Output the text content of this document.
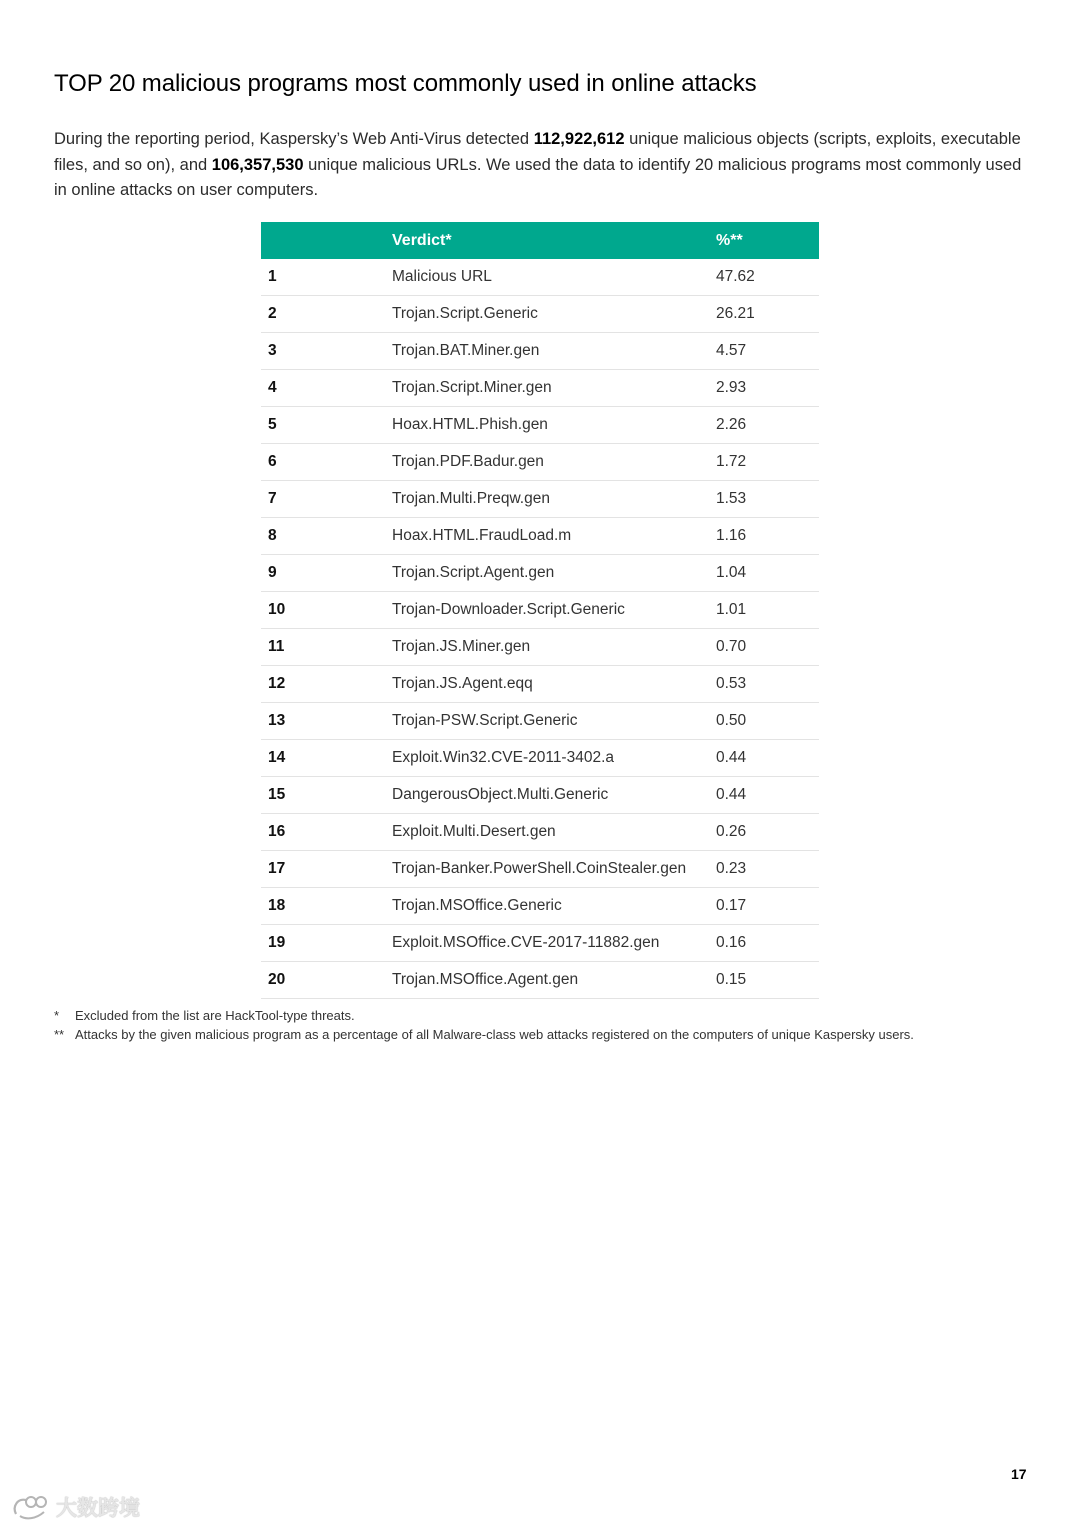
TOP 20 malicious programs most commonly used in online attacks

During the reporting period, Kaspersky’s Web Anti-Virus detected 112,922,612 unique malicious objects (scripts, exploits, executable files, and so on), and 106,357,530 unique malicious URLs. We used the data to identify 20 malicious programs most commonly used in online attacks on user computers.

	Verdict*	%**
1	Malicious URL	47.62
2	Trojan.Script.Generic	26.21
3	Trojan.BAT.Miner.gen	4.57
4	Trojan.Script.Miner.gen	2.93
5	Hoax.HTML.Phish.gen	2.26
6	Trojan.PDF.Badur.gen	1.72
7	Trojan.Multi.Preqw.gen	1.53
8	Hoax.HTML.FraudLoad.m	1.16
9	Trojan.Script.Agent.gen	1.04
10	Trojan-Downloader.Script.Generic	1.01
11	Trojan.JS.Miner.gen	0.70
12	Trojan.JS.Agent.eqq	0.53
13	Trojan-PSW.Script.Generic	0.50
14	Exploit.Win32.CVE-2011-3402.a	0.44
15	DangerousObject.Multi.Generic	0.44
16	Exploit.Multi.Desert.gen	0.26
17	Trojan-Banker.PowerShell.CoinStealer.gen	0.23
18	Trojan.MSOffice.Generic	0.17
19	Exploit.MSOffice.CVE-2017-11882.gen	0.16
20	Trojan.MSOffice.Agent.gen	0.15
*	Excluded from the list are HackTool-type threats.
** Attacks by the given malicious program as a percentage of all Malware-class web attacks registered on the computers of unique Kaspersky users.
17
大数跨境
